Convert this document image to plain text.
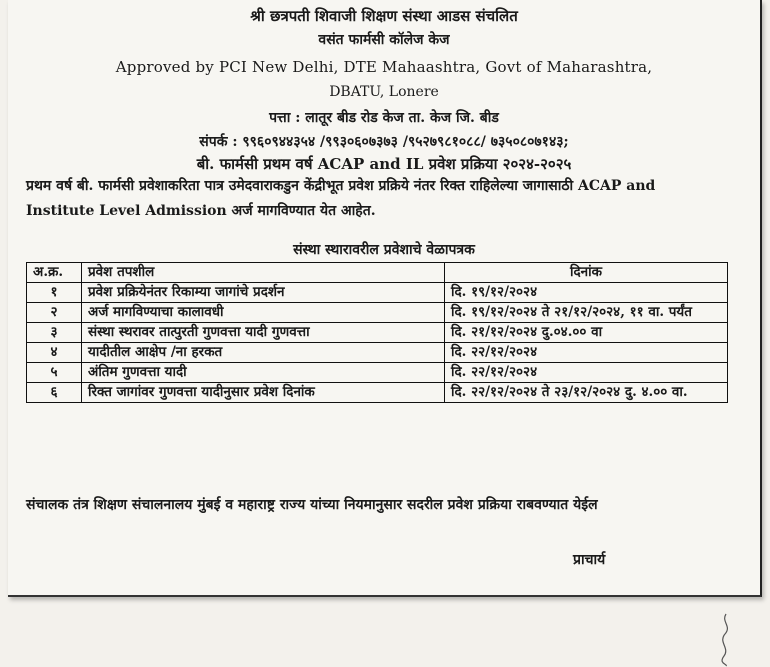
श्री छत्रपती शिवाजी शिक्षण संस्था आडस संचलित
वसंत फार्मसी कॉलेज केज
Approved by PCI New Delhi, DTE Mahaashtra, Govt of Maharashtra,
DBATU, Lonere
पत्ता : लातूर बीड रोड केज ता. केज जि. बीड
संपर्क : ९९६०९४४३५४ /९९३०६०७३७३ /९५२७९८१०८८/ ७३५०८०७१४३;
बी. फार्मसी प्रथम वर्ष ACAP and IL प्रवेश प्रक्रिया २०२४-२०२५
प्रथम वर्ष बी. फार्मसी प्रवेशाकरिता पात्र उमेदवाराकडुन केंद्रीभूत प्रवेश प्रक्रिये नंतर रिक्त राहिलेल्या जागासाठी ACAP and Institute Level Admission अर्ज मागविण्यात येत आहेत.
संस्था स्थारावरील प्रवेशाचे वेळापत्रक
अ.क्र.	प्रवेश तपशील	दिनांक
१	प्रवेश प्रक्रियेनंतर रिकाम्या जागांचे प्रदर्शन	दि. १९/१२/२०२४
२	अर्ज मागविण्याचा कालावधी	दि. १९/१२/२०२४ ते २१/१२/२०२४, ११ वा. पर्यंत
३	संस्था स्थरावर तात्पुरती गुणवत्ता यादी गुणवत्ता	दि. २१/१२/२०२४ दु.०४.०० वा
४	यादीतील आक्षेप /ना हरकत	दि. २२/१२/२०२४
५	अंतिम गुणवत्ता यादी	दि. २२/१२/२०२४
६	रिक्त जागांवर गुणवत्ता यादीनुसार प्रवेश दिनांक	दि. २२/१२/२०२४ ते २३/१२/२०२४ दु. ४.०० वा.
संचालक तंत्र शिक्षण संचालनालय मुंबई व महाराष्ट्र राज्य यांच्या नियमानुसार सदरील प्रवेश प्रक्रिया राबवण्यात येईल
प्राचार्य
